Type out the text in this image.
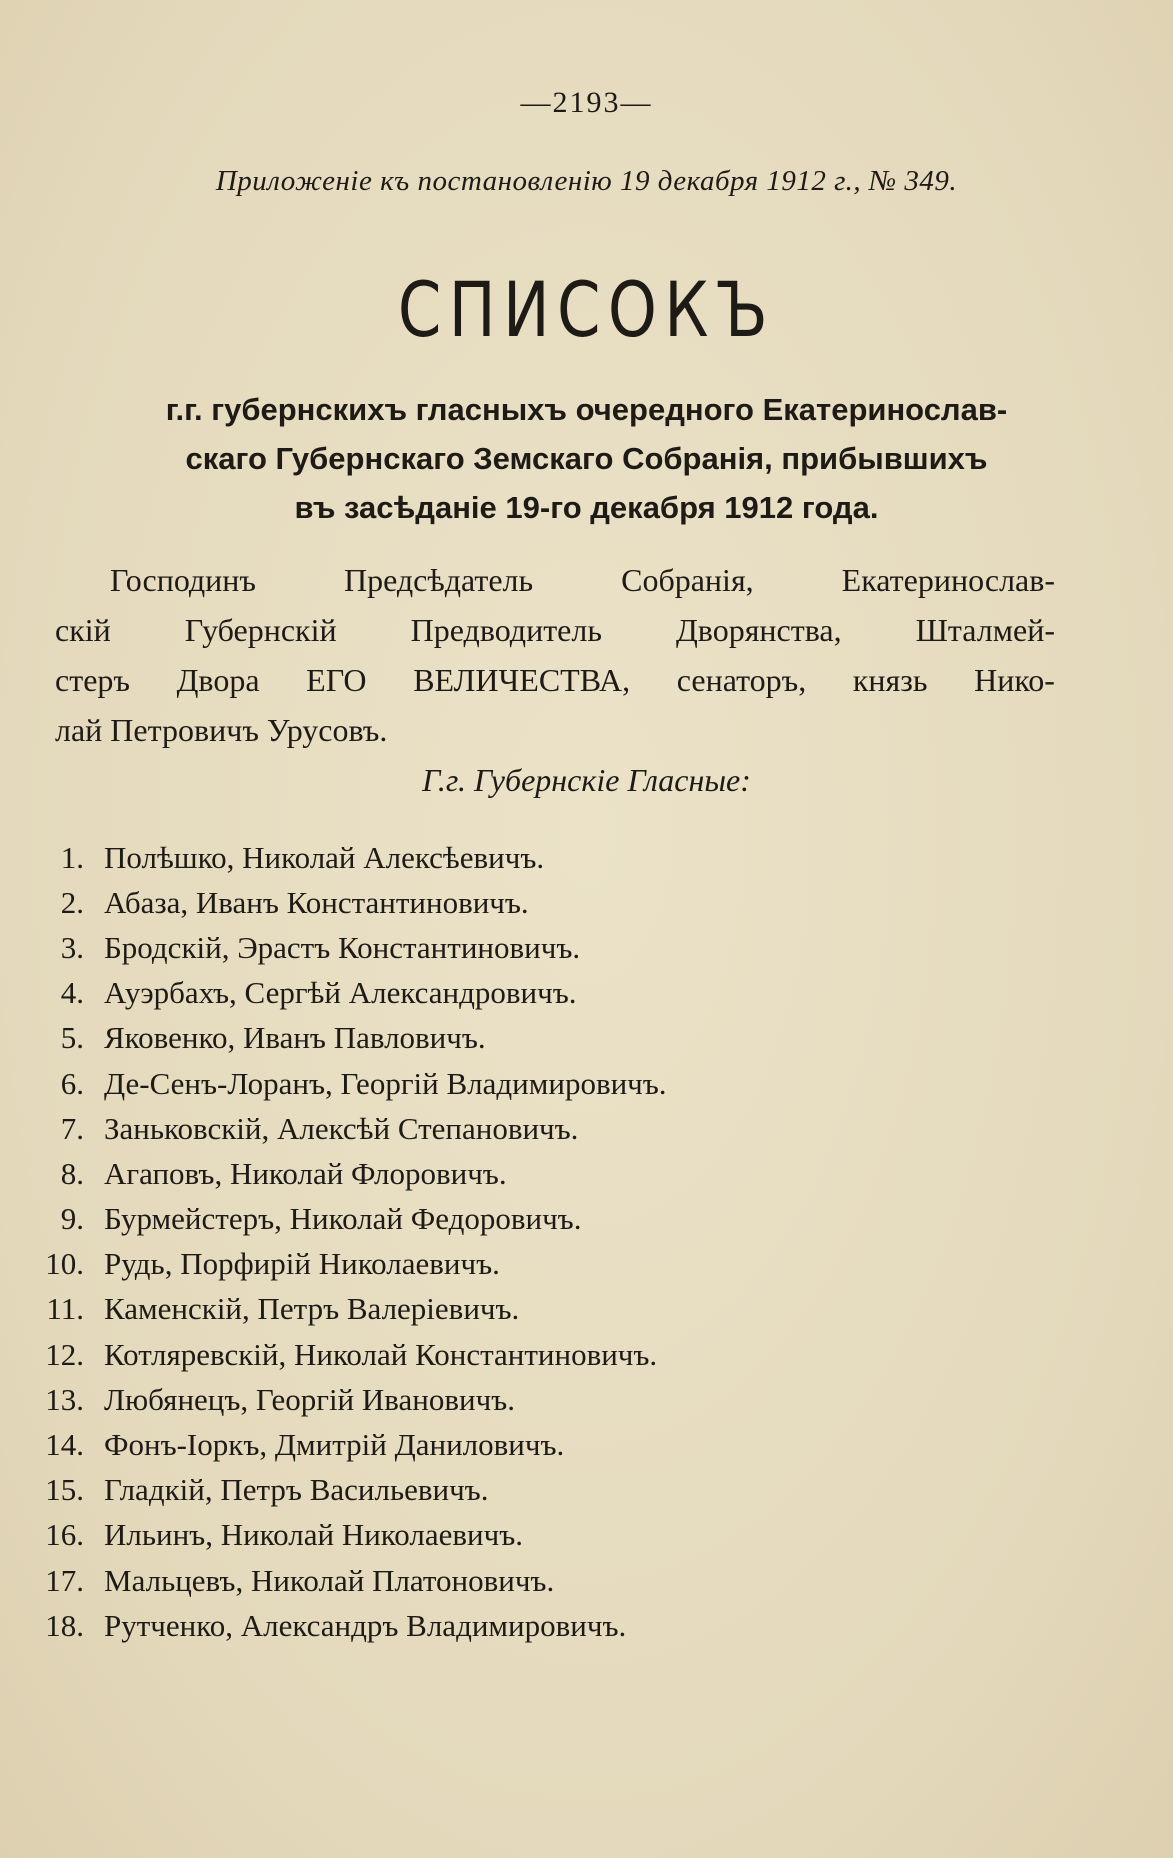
—2193—
Приложенiе къ постановленiю 19 декабря 1912 г., № 349.
СПИСОКЪ
г.г. губернскихъ гласныхъ очередного Екатеринослав-
скаго Губернскаго Земскаго Собранiя, прибывшихъ
въ засѣданiе 19-го декабря 1912 года.
Господинъ	Предсѣдатель	Собранiя,	Екатеринослав-
скiй Губернскiй Предводитель Дворянства, Шталмей-
стеръ Двора ЕГО ВЕЛИЧЕСТВА, сенаторъ, князь Нико-
лай Петровичъ Урусовъ.
Г.г. Губернскiе Гласные:
1. Полѣшко, Николай Алексѣевичъ.
2. Абаза, Иванъ Константиновичъ.
3. Бродскiй, Эрастъ Константиновичъ.
4. Ауэрбахъ, Сергѣй Александровичъ.
5. Яковенко, Иванъ Павловичъ.
6. Де-Сенъ-Лоранъ, Георгiй Владимировичъ.
7. Заньковскiй, Алексѣй Степановичъ.
8. Агаповъ, Николай Флоровичъ.
9. Бурмейстеръ, Николай Федоровичъ.
10. Рудь, Порфирiй Николаевичъ.
11. Каменскiй, Петръ Валерiевичъ.
12. Котляревскiй, Николай Константиновичъ.
13. Любянецъ, Георгiй Ивановичъ.
14. Фонъ-Iоркъ, Дмитрiй Даниловичъ.
15. Гладкiй, Петръ Васильевичъ.
16. Ильинъ, Николай Николаевичъ.
17. Мальцевъ, Николай Платоновичъ.
18. Рутченко, Александръ Владимировичъ.
